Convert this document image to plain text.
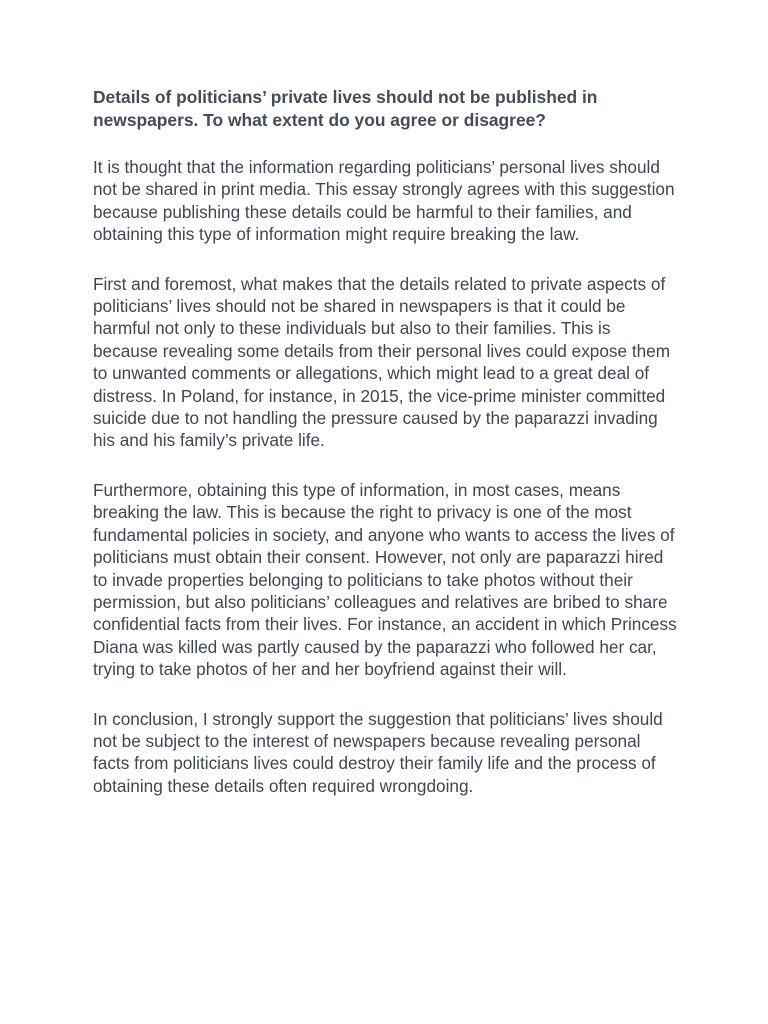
Details of politicians’ private lives should not be published in newspapers. To what extent do you agree or disagree?

It is thought that the information regarding politicians’ personal lives should not be shared in print media. This essay strongly agrees with this suggestion because publishing these details could be harmful to their families, and obtaining this type of information might require breaking the law.

First and foremost, what makes that the details related to private aspects of politicians’ lives should not be shared in newspapers is that it could be harmful not only to these individuals but also to their families. This is because revealing some details from their personal lives could expose them to unwanted comments or allegations, which might lead to a great deal of distress. In Poland, for instance, in 2015, the vice-prime minister committed suicide due to not handling the pressure caused by the paparazzi invading his and his family’s private life.

Furthermore, obtaining this type of information, in most cases, means breaking the law. This is because the right to privacy is one of the most fundamental policies in society, and anyone who wants to access the lives of politicians must obtain their consent. However, not only are paparazzi hired to invade properties belonging to politicians to take photos without their permission, but also politicians’ colleagues and relatives are bribed to share confidential facts from their lives. For instance, an accident in which Princess Diana was killed was partly caused by the paparazzi who followed her car, trying to take photos of her and her boyfriend against their will.

In conclusion, I strongly support the suggestion that politicians’ lives should not be subject to the interest of newspapers because revealing personal facts from politicians lives could destroy their family life and the process of obtaining these details often required wrongdoing.
